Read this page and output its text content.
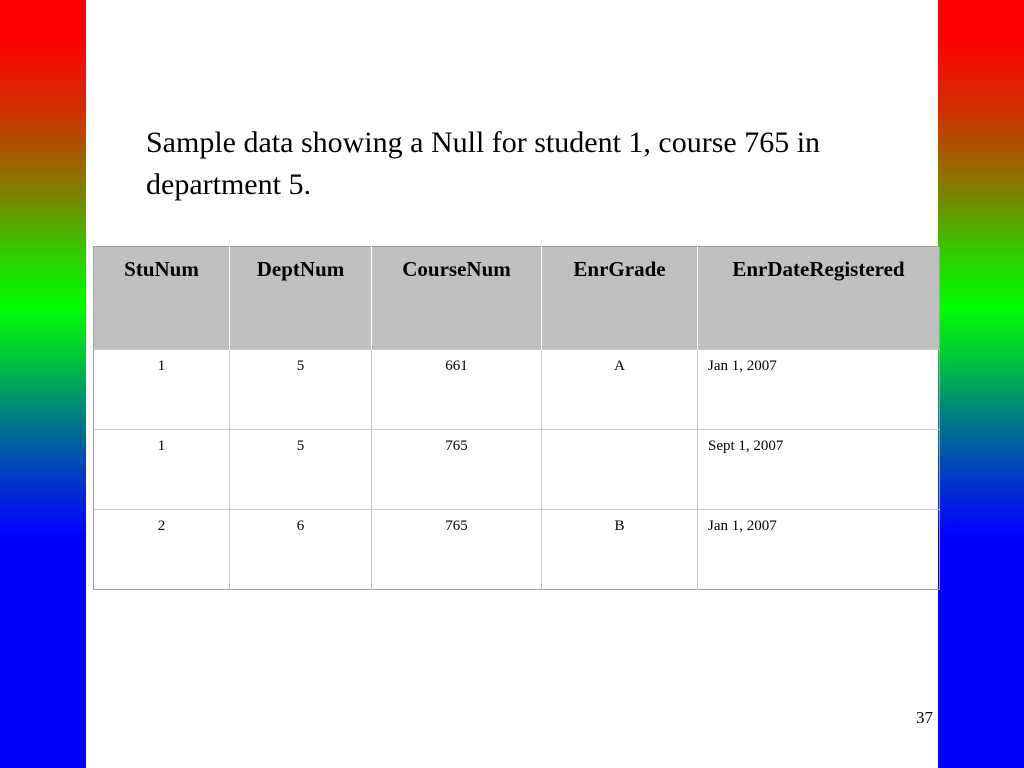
Sample data showing a Null for student 1, course 765 in department 5.
StuNum	DeptNum	CourseNum	EnrGrade	EnrDateRegistered
1	5	661	A	Jan 1, 2007
1	5	765		Sept 1, 2007
2	6	765	B	Jan 1, 2007
37
